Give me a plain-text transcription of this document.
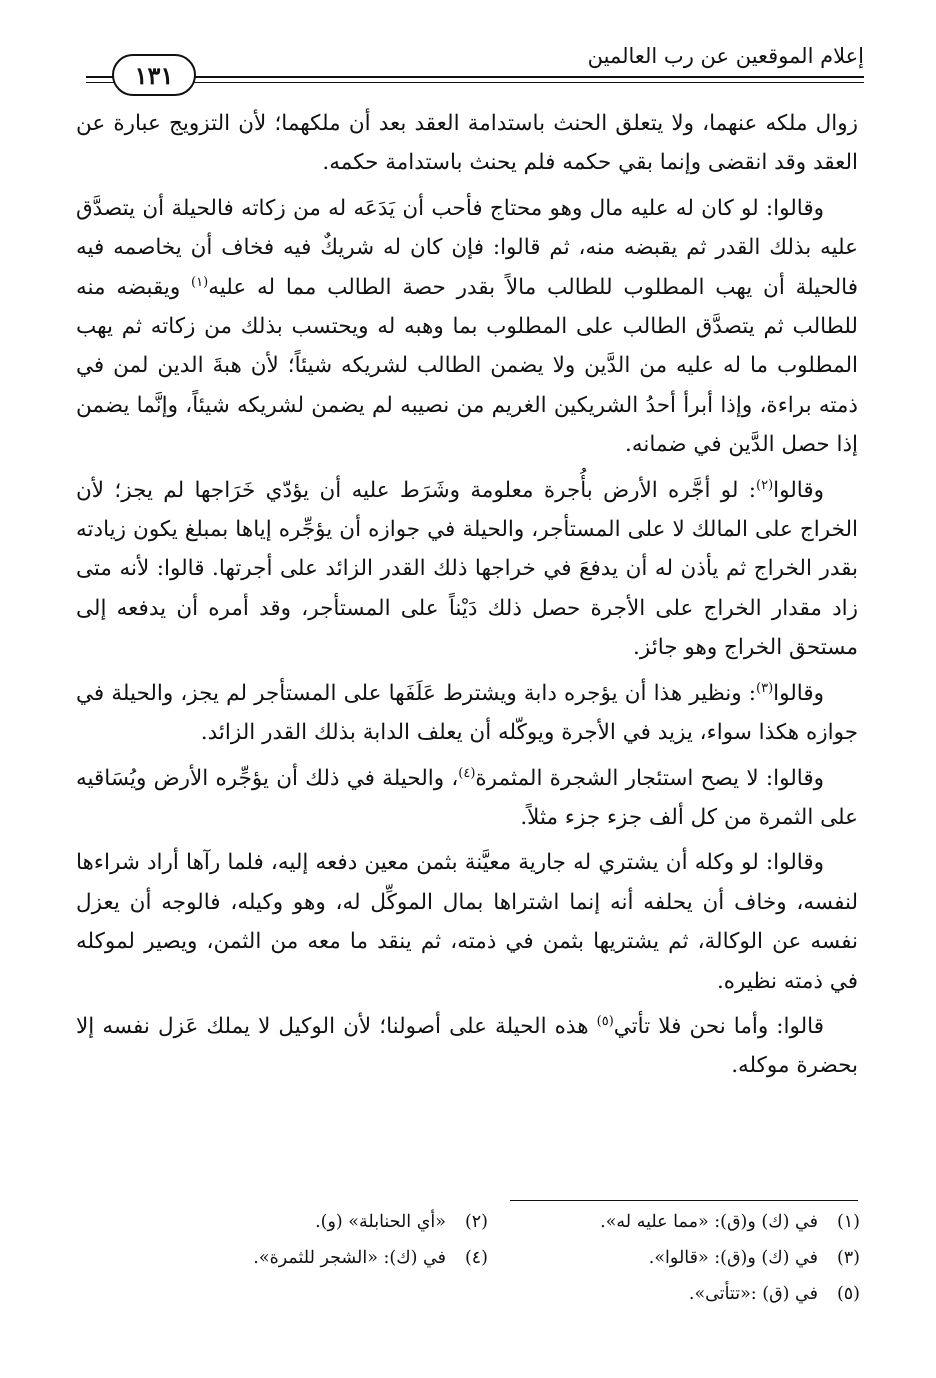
إعلام الموقعين عن رب العالمين
١٣١

زوال ملكه عنهما، ولا يتعلق الحنث باستدامة العقد بعد أن ملكهما؛ لأن التزويج عبارة عن العقد وقد انقضى وإنما بقي حكمه فلم يحنث باستدامة حكمه.

وقالوا: لو كان له عليه مال وهو محتاج فأحب أن يَدَعَه له من زكاته فالحيلة أن يتصدَّق عليه بذلك القدر ثم يقبضه منه، ثم قالوا: فإن كان له شريكٌ فيه فخاف أن يخاصمه فيه فالحيلة أن يهب المطلوب للطالب مالاً بقدر حصة الطالب مما له عليه$^{(١)}$ ويقبضه منه للطالب ثم يتصدَّق الطالب على المطلوب بما وهبه له ويحتسب بذلك من زكاته ثم يهب المطلوب ما له عليه من الدَّين ولا يضمن الطالب لشريكه شيئاً؛ لأن هبةَ الدين لمن في ذمته براءة، وإذا أبرأ أحدُ الشريكين الغريم من نصيبه لم يضمن لشريكه شيئاً، وإنَّما يضمن إذا حصل الدَّين في ضمانه.

وقالوا$^{(٢)}$: لو أجَّره الأرض بأُجرة معلومة وشَرَط عليه أن يؤدّي خَرَاجها لم يجز؛ لأن الخراج على المالك لا على المستأجر، والحيلة في جوازه أن يؤجِّره إياها بمبلغ يكون زيادته بقدر الخراج ثم يأذن له أن يدفعَ في خراجها ذلك القدر الزائد على أجرتها. قالوا: لأنه متى زاد مقدار الخراج على الأجرة حصل ذلك دَيْناً على المستأجر، وقد أمره أن يدفعه إلى مستحق الخراج وهو جائز.

وقالوا$^{(٣)}$: ونظير هذا أن يؤجره دابة ويشترط عَلَفَها على المستأجر لم يجز، والحيلة في جوازه هكذا سواء، يزيد في الأجرة ويوكّله أن يعلف الدابة بذلك القدر الزائد.

وقالوا: لا يصح استئجار الشجرة المثمرة$^{(٤)}$، والحيلة في ذلك أن يؤجِّره الأرض ويُسَاقيه على الثمرة من كل ألف جزء جزء مثلاً.

وقالوا: لو وكله أن يشتري له جارية معيَّنة بثمن معين دفعه إليه، فلما رآها أراد شراءها لنفسه، وخاف أن يحلفه أنه إنما اشتراها بمال الموكِّل له، وهو وكيله، فالوجه أن يعزل نفسه عن الوكالة، ثم يشتريها بثمن في ذمته، ثم ينقد ما معه من الثمن، ويصير لموكله في ذمته نظيره.

قالوا: وأما نحن فلا تأتي$^{(٥)}$ هذه الحيلة على أصولنا؛ لأن الوكيل لا يملك عَزل نفسه إلا بحضرة موكله.

(١)في (ك) و(ق): «مما عليه له».
(٢)«أي الحنابلة» (و).
(٣)في (ك) و(ق): «قالوا».
(٤)في (ك): «الشجر للثمرة».
(٥)في (ق) :«تتأتى».
